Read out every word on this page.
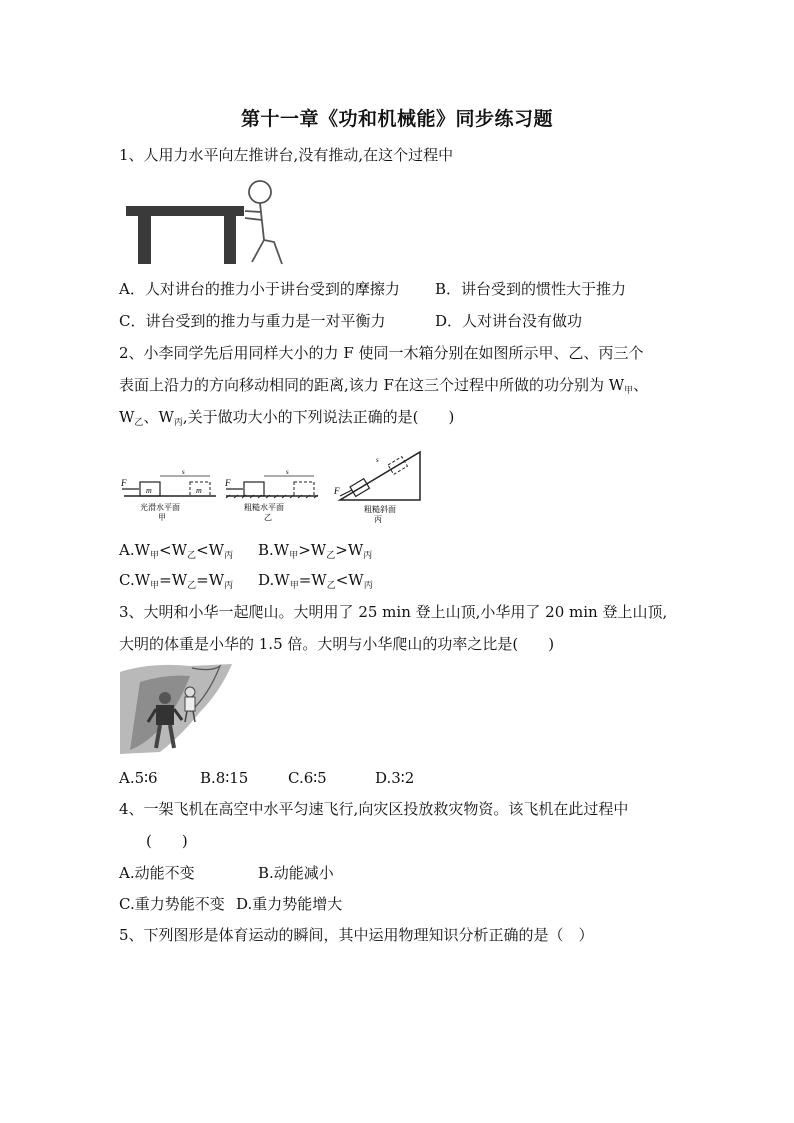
第十一章《功和机械能》同步练习题
1、人用力水平向左推讲台,没有推动,在这个过程中
A．人对讲台的推力小于讲台受到的摩擦力 B．讲台受到的惯性大于推力
C．讲台受到的推力与重力是一对平衡力	D．人对讲台没有做功
2、小李同学先后用同样大小的力 F 使同一木箱分别在如图所示甲、乙、丙三个
表面上沿力的方向移动相同的距离,该力 F在这三个过程中所做的功分别为 $W_甲$、
$W_乙$、$W_丙$,关于做功大小的下列说法正确的是(　　)
F
m	m
s
光滑水平面
甲
F
s
粗糙水平面
乙
F
s
粗糙斜面
丙
$A.W_甲<W_乙<W_丙$ $B.W_甲>W_乙>W_丙$
$C.W_甲=W_乙=W_丙$ $D.W_甲=W_乙<W_丙$
3、大明和小华一起爬山。大明用了 25 min 登上山顶,小华用了 20 min 登上山顶,
大明的体重是小华的 1.5 倍。大明与小华爬山的功率之比是(　　)
A.5∶6	B.8∶15	C.6∶5	D.3∶2
4、一架飞机在高空中水平匀速飞行,向灾区投放救灾物资。该飞机在此过程中
(　　)
A.动能不变	B.动能减小
C.重力势能不变 D.重力势能增大
5、下列图形是体育运动的瞬间，其中运用物理知识分析正确的是（　）
